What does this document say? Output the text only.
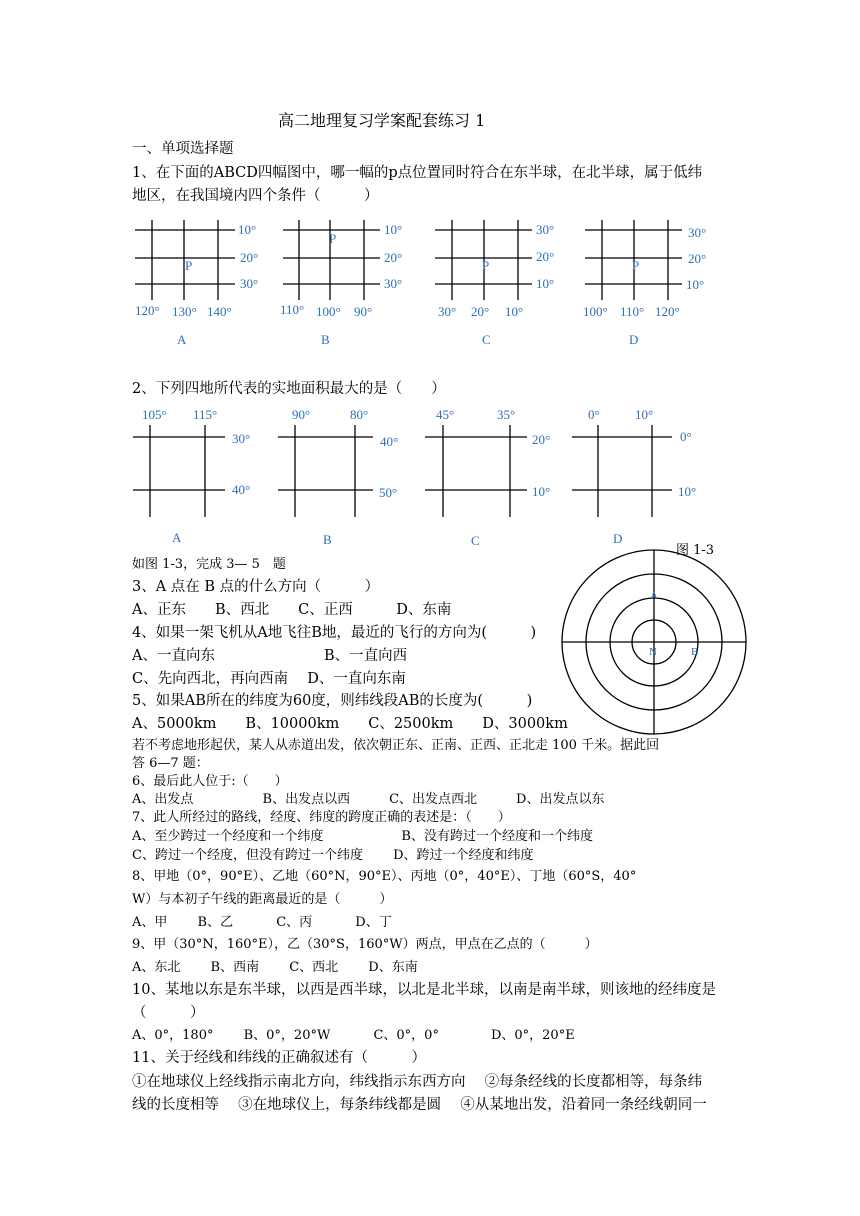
高二地理复习学案配套练习 1
一、单项选择题
1、在下面的ABCD四幅图中，哪一幅的p点位置同时符合在东半球，在北半球，属于低纬
地区，在我国境内四个条件（　　　）
10°
20°
30°
P
120° 130° 140°
A
10°
20°
30°
P
110° 100° 90°
B
30°
20°
10°
P
30° 20° 10°
C
30°
20°
10°
P
100° 110° 120°
D
2、下列四地所代表的实地面积最大的是（　　）
105° 115°
30°
40°
A
90°	80°
40°
50°
B
45°	35°
20°
10°
C
0°	10°
0°
10°
D
图 1-3
A
N	B
如图 1-3，完成 3— 5　题
3、A 点在 B 点的什么方向（　　　）
A、正东　　B、西北　　C、正西　　　D、东南
4、如果一架飞机从A地飞往B地，最近的飞行的方向为(　　　)
A、一直向东	B、一直向西
C、先向西北，再向西南　 D、一直向东南
5、如果AB所在的纬度为60度，则纬线段AB的长度为(　　　)
A、5000km　　B、10000km　　C、2500km　　D、3000km
若不考虑地形起伏，某人从赤道出发，依次朝正东、正南、正西、正北走 100 千米。据此回
答 6—7 题：
6、最后此人位于:（　　）
A、出发点　　　　　 B、出发点以西　　　C、出发点西北　　　D、出发点以东
7、此人所经过的路线，经度、纬度的跨度正确的表述是：（　　）
A、至少跨过一个经度和一个纬度　　　　　　B、没有跨过一个经度和一个纬度
C、跨过一个经度，但没有跨过一个纬度　　 D、跨过一个经度和纬度
8、甲地（0°，90°E）、乙地（60°N，90°E）、丙地（0°，40°E）、丁地（60°S，40°
W）与本初子午线的距离最近的是（　　　）
A、甲　　 B、乙　　　 C、丙　　　 D、丁
9、甲（30°N，160°E），乙（30°S，160°W）两点，甲点在乙点的（　　　）
A、东北　　 B、西南　　 C、西北　　 D、东南
10、某地以东是东半球，以西是西半球，以北是北半球，以南是南半球，则该地的经纬度是
（　　　）
A、0°，180°　　 B、0°，20°W　　　 C、0°，0°　　　　D、0°，20°E
11、关于经线和纬线的正确叙述有（　　　）
①在地球仪上经线指示南北方向，纬线指示东西方向　 ②每条经线的长度都相等，每条纬
线的长度相等　 ③在地球仪上，每条纬线都是圆　 ④从某地出发，沿着同一条经线朝同一
